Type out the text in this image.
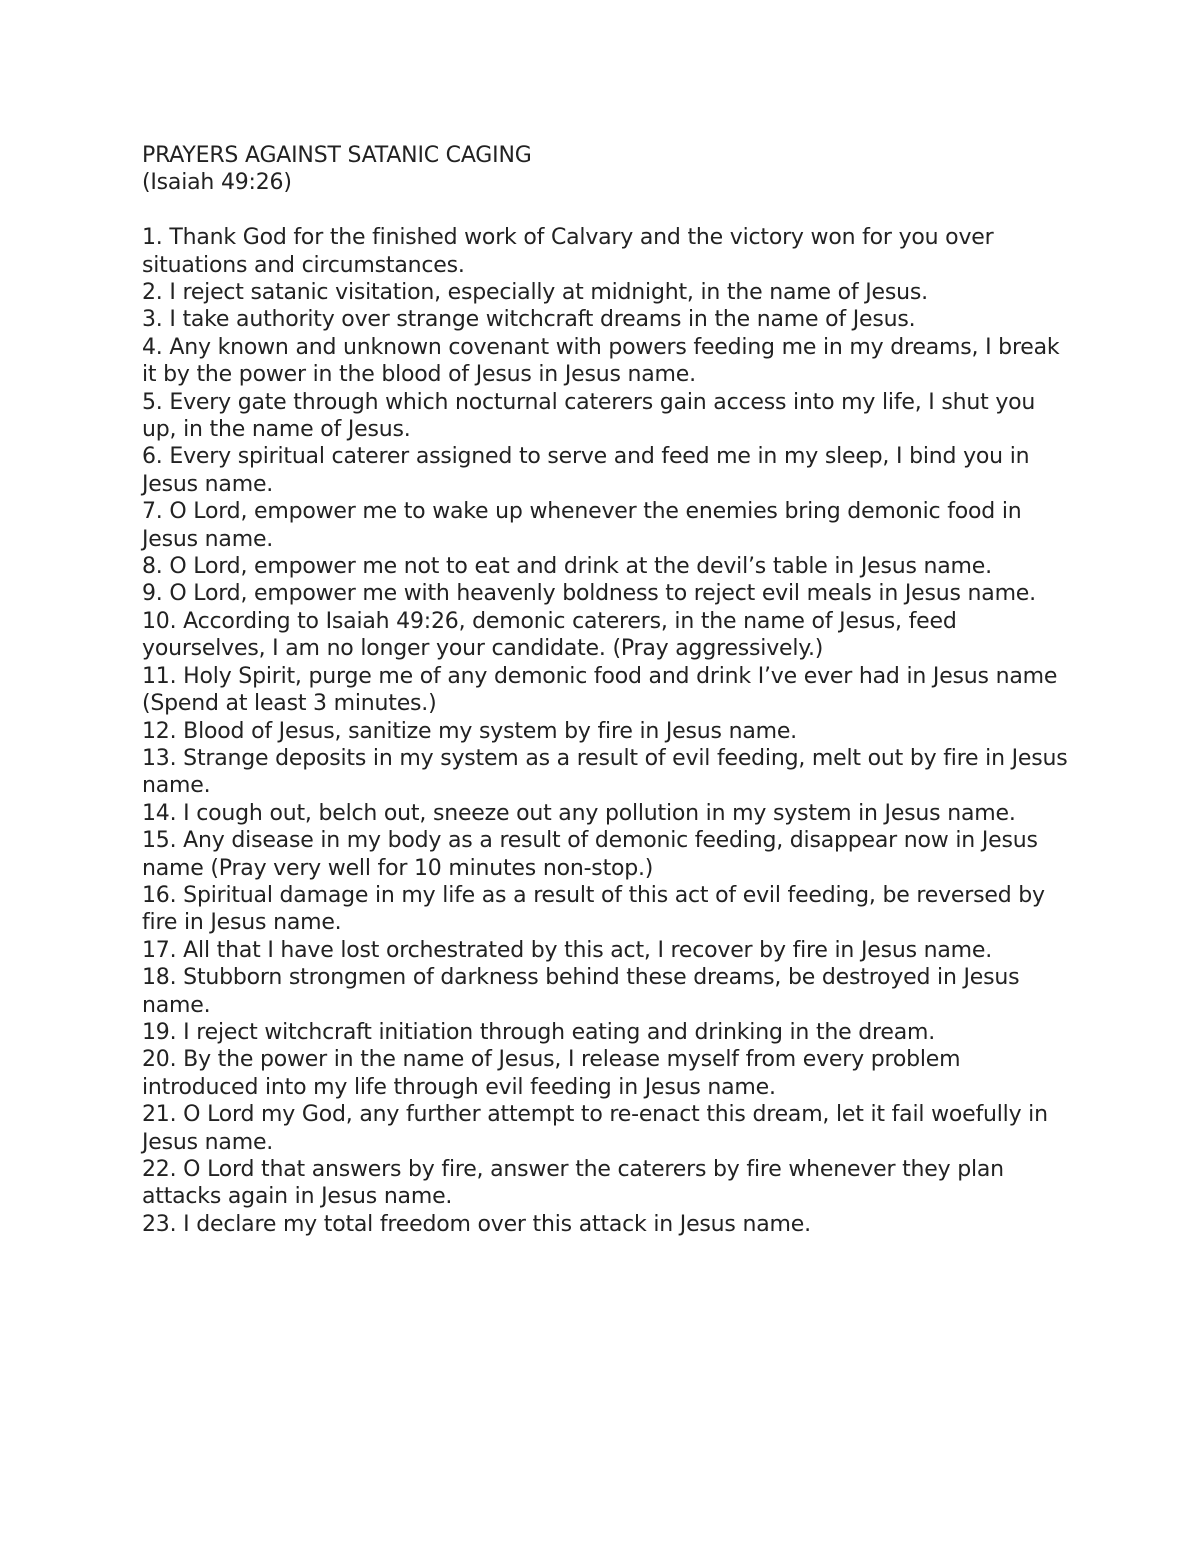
PRAYERS AGAINST SATANIC CAGING
(Isaiah 49:26)
1. Thank God for the finished work of Calvary and the victory won for you over situations and circumstances.
2. I reject satanic visitation, especially at midnight, in the name of Jesus.
3. I take authority over strange witchcraft dreams in the name of Jesus.
4. Any known and unknown covenant with powers feeding me in my dreams, I break it by the power in the blood of Jesus in Jesus name.
5. Every gate through which nocturnal caterers gain access into my life, I shut you up, in the name of Jesus.
6. Every spiritual caterer assigned to serve and feed me in my sleep, I bind you in Jesus name.
7. O Lord, empower me to wake up whenever the enemies bring demonic food in Jesus name.
8. O Lord, empower me not to eat and drink at the devil’s table in Jesus name.
9. O Lord, empower me with heavenly boldness to reject evil meals in Jesus name.
10. According to Isaiah 49:26, demonic caterers, in the name of Jesus, feed yourselves, I am no longer your candidate. (Pray aggressively.)
11. Holy Spirit, purge me of any demonic food and drink I’ve ever had in Jesus name (Spend at least 3 minutes.)
12. Blood of Jesus, sanitize my system by fire in Jesus name.
13. Strange deposits in my system as a result of evil feeding, melt out by fire in Jesus name.
14. I cough out, belch out, sneeze out any pollution in my system in Jesus name.
15. Any disease in my body as a result of demonic feeding, disappear now in Jesus name (Pray very well for 10 minutes non-stop.)
16. Spiritual damage in my life as a result of this act of evil feeding, be reversed by fire in Jesus name.
17. All that I have lost orchestrated by this act, I recover by fire in Jesus name.
18. Stubborn strongmen of darkness behind these dreams, be destroyed in Jesus name.
19. I reject witchcraft initiation through eating and drinking in the dream.
20. By the power in the name of Jesus, I release myself from every problem introduced into my life through evil feeding in Jesus name.
21. O Lord my God, any further attempt to re-enact this dream, let it fail woefully in Jesus name.
22. O Lord that answers by fire, answer the caterers by fire whenever they plan attacks again in Jesus name.
23. I declare my total freedom over this attack in Jesus name.
